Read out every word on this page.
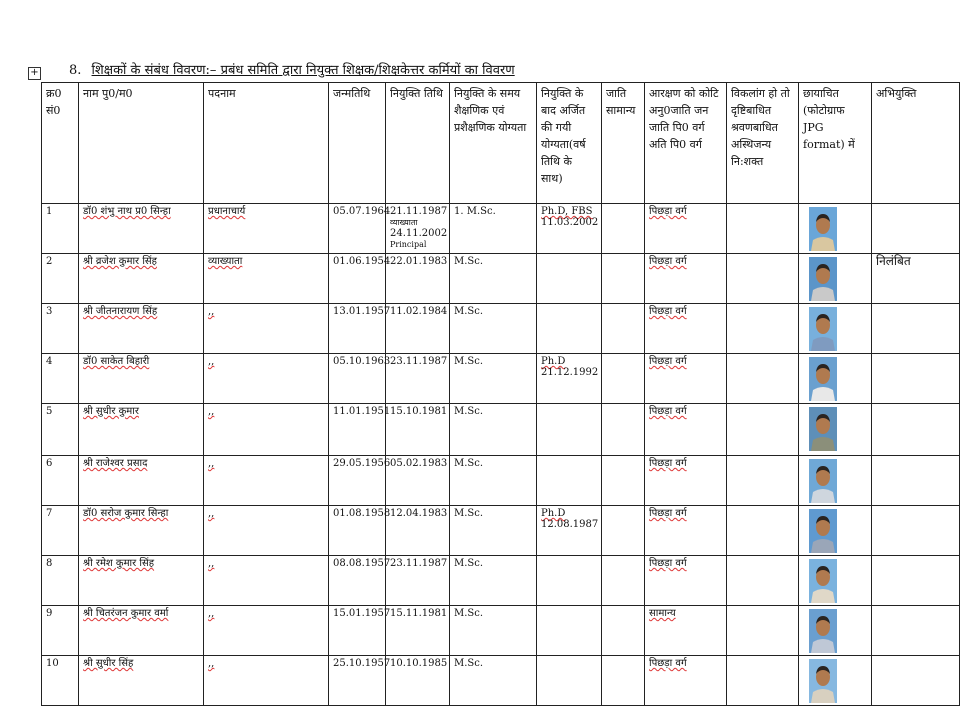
+ 8. शिक्षकों के संबंध विवरण:– प्रबंध समिति द्वारा नियुक्त शिक्षक/शिक्षकेत्तर कर्मियों का विवरण
क्र0 सं0	नाम पु0/म0	पदनाम	जन्मतिथि	नियुक्ति तिथि	नियुक्ति के समय शैक्षणिक एवं प्रशैक्षणिक योग्यता	नियुक्ति के बाद अर्जित की गयी योग्यता(वर्ष तिथि के साथ)	जाति सामान्य	आरक्षण को कोटि अनु0जाति जन जाति पि0 वर्ग अति पि0 वर्ग	विकलांग हो तो दृष्टिबाधित श्रवणबाधित अस्थिजन्य नि:शक्त	छायाचित (फोटोग्राफ JPG format) में	अभियुक्ति
1	डॉ0 शंभु नाथ प्र0 सिन्हा	प्रधानाचार्य	05.07.1964	21.11.1987
व्याख्याता
24.11.2002
Principal	1. M.Sc.	Ph.D, FBS
11.03.2002		पिछड़ा वर्ग		

2	श्री व्रजेश कुमार सिंह	व्याख्याता	01.06.1954	22.01.1983	M.Sc.			पिछड़ा वर्ग			निलंबित
3	श्री जीतनारायण सिंह	,,	13.01.1957	11.02.1984	M.Sc.			पिछड़ा वर्ग		

4	डॉ0 साकेत बिहारी	,,	05.10.1963	23.11.1987	M.Sc.	Ph.D
21.12.1992		पिछड़ा वर्ग		

5	श्री सुधीर कुमार	,,	11.01.1951	15.10.1981	M.Sc.			पिछड़ा वर्ग		

6	श्री राजेश्वर प्रसाद	,,	29.05.1956	05.02.1983	M.Sc.			पिछड़ा वर्ग		

7	डॉ0 सरोज कुमार सिन्हा	,,	01.08.1958	12.04.1983	M.Sc.	Ph.D
12.08.1987		पिछड़ा वर्ग		

8	श्री रमेश कुमार सिंह	,,	08.08.1957	23.11.1987	M.Sc.			पिछड़ा वर्ग		

9	श्री चितरंजन कुमार वर्मा	,,	15.01.1957	15.11.1981	M.Sc.			सामान्य		

10	श्री सुधीर सिंह	,,	25.10.1957	10.10.1985	M.Sc.			पिछड़ा वर्ग		
